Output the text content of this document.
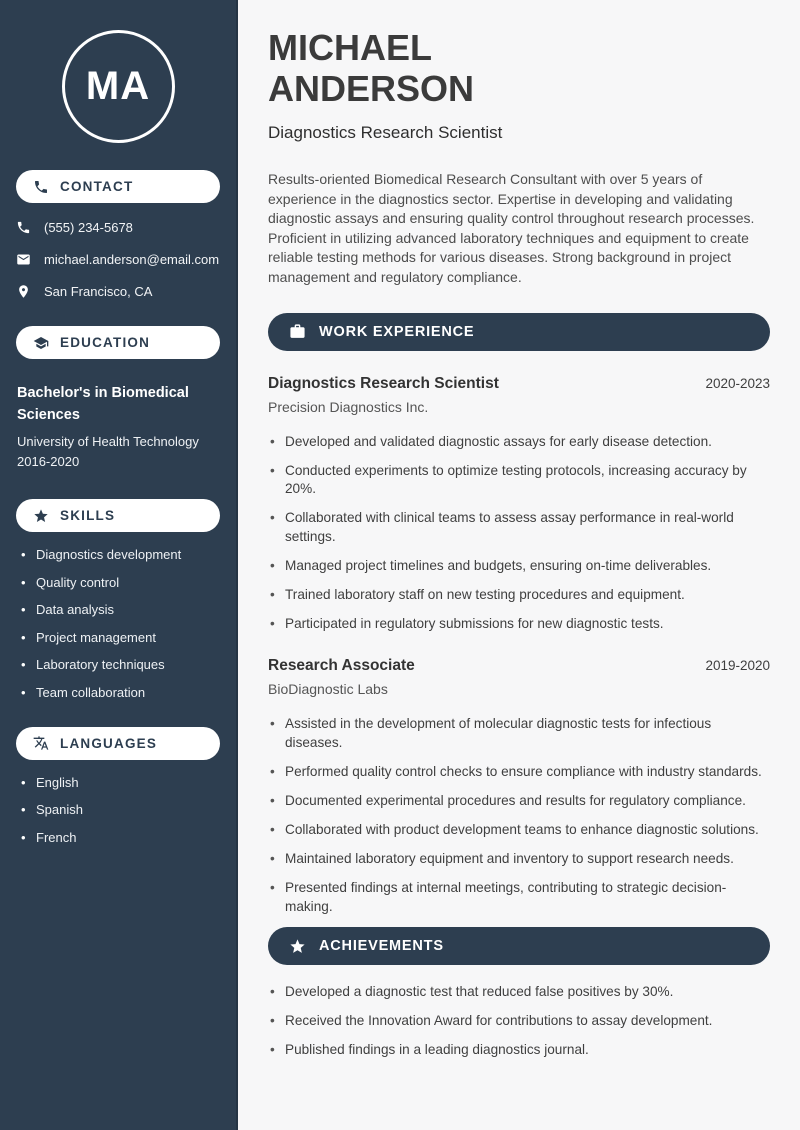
MA
CONTACT
(555) 234-5678
michael.anderson@email.com
San Francisco, CA
EDUCATION
Bachelor's in Biomedical Sciences
University of Health Technology
2016-2020
SKILLS
• Diagnostics development
• Quality control
• Data analysis
• Project management
• Laboratory techniques
• Team collaboration
LANGUAGES
• English
• Spanish
• French
MICHAEL
ANDERSON
Diagnostics Research Scientist

Results-oriented Biomedical Research Consultant with over 5 years of experience in the diagnostics sector. Expertise in developing and validating diagnostic assays and ensuring quality control throughout research processes. Proficient in utilizing advanced laboratory techniques and equipment to create reliable testing methods for various diseases. Strong background in project management and regulatory compliance.

WORK EXPERIENCE
Diagnostics Research Scientist	2020-2023
Precision Diagnostics Inc.
• Developed and validated diagnostic assays for early disease detection.
• Conducted experiments to optimize testing protocols, increasing accuracy by 20%.
• Collaborated with clinical teams to assess assay performance in real-world settings.
• Managed project timelines and budgets, ensuring on-time deliverables.
• Trained laboratory staff on new testing procedures and equipment.
• Participated in regulatory submissions for new diagnostic tests.
Research Associate	2019-2020
BioDiagnostic Labs
• Assisted in the development of molecular diagnostic tests for infectious diseases.
• Performed quality control checks to ensure compliance with industry standards.
• Documented experimental procedures and results for regulatory compliance.
• Collaborated with product development teams to enhance diagnostic solutions.
• Maintained laboratory equipment and inventory to support research needs.
• Presented findings at internal meetings, contributing to strategic decision-making.
ACHIEVEMENTS
• Developed a diagnostic test that reduced false positives by 30%.
• Received the Innovation Award for contributions to assay development.
• Published findings in a leading diagnostics journal.
